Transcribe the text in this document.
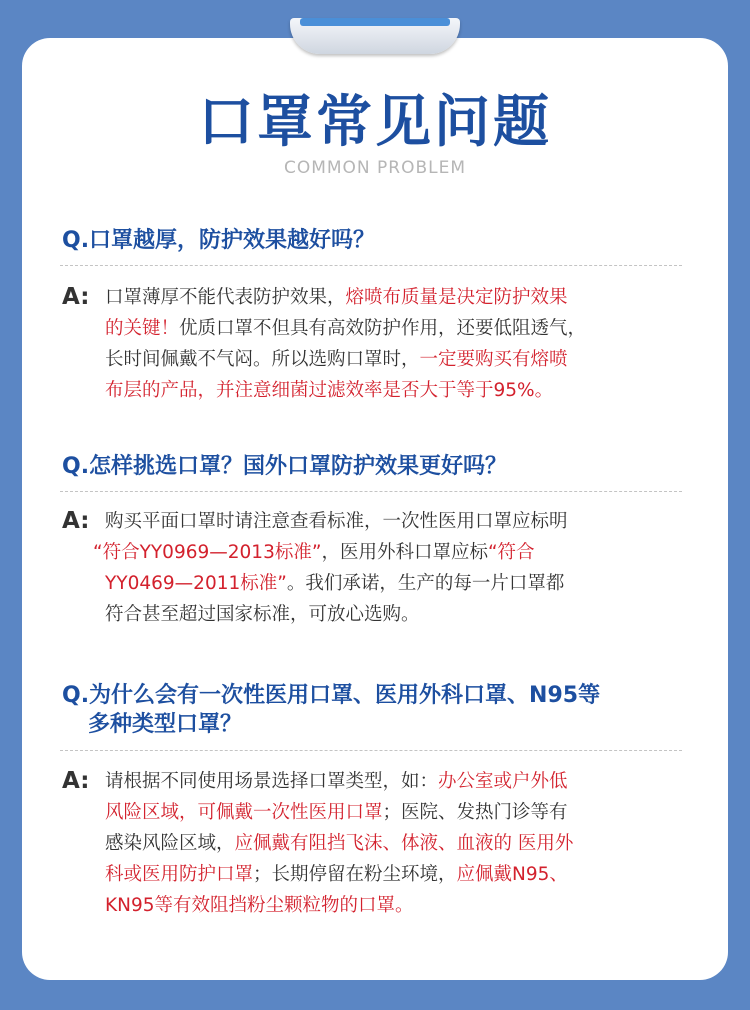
口罩常见问题
COMMON PROBLEM
Q.口罩越厚，防护效果越好吗？
A: 口罩薄厚不能代表防护效果，熔喷布质量是决定防护效果
的关键！优质口罩不但具有高效防护作用，还要低阻透气，
长时间佩戴不气闷。所以选购口罩时，一定要购买有熔喷
布层的产品，并注意细菌过滤效率是否大于等于95%。
Q.怎样挑选口罩？国外口罩防护效果更好吗？
A: 购买平面口罩时请注意查看标准，一次性医用口罩应标明
“符合YY0969—2013标准”，医用外科口罩应标“符合
YY0469—2011标准”。我们承诺，生产的每一片口罩都
符合甚至超过国家标准，可放心选购。
Q.为什么会有一次性医用口罩、医用外科口罩、N95等
多种类型口罩？
A: 请根据不同使用场景选择口罩类型，如：办公室或户外低
风险区域，可佩戴一次性医用口罩；医院、发热门诊等有
感染风险区域，应佩戴有阻挡飞沫、体液、血液的 医用外
科或医用防护口罩；长期停留在粉尘环境，应佩戴N95、
KN95等有效阻挡粉尘颗粒物的口罩。
